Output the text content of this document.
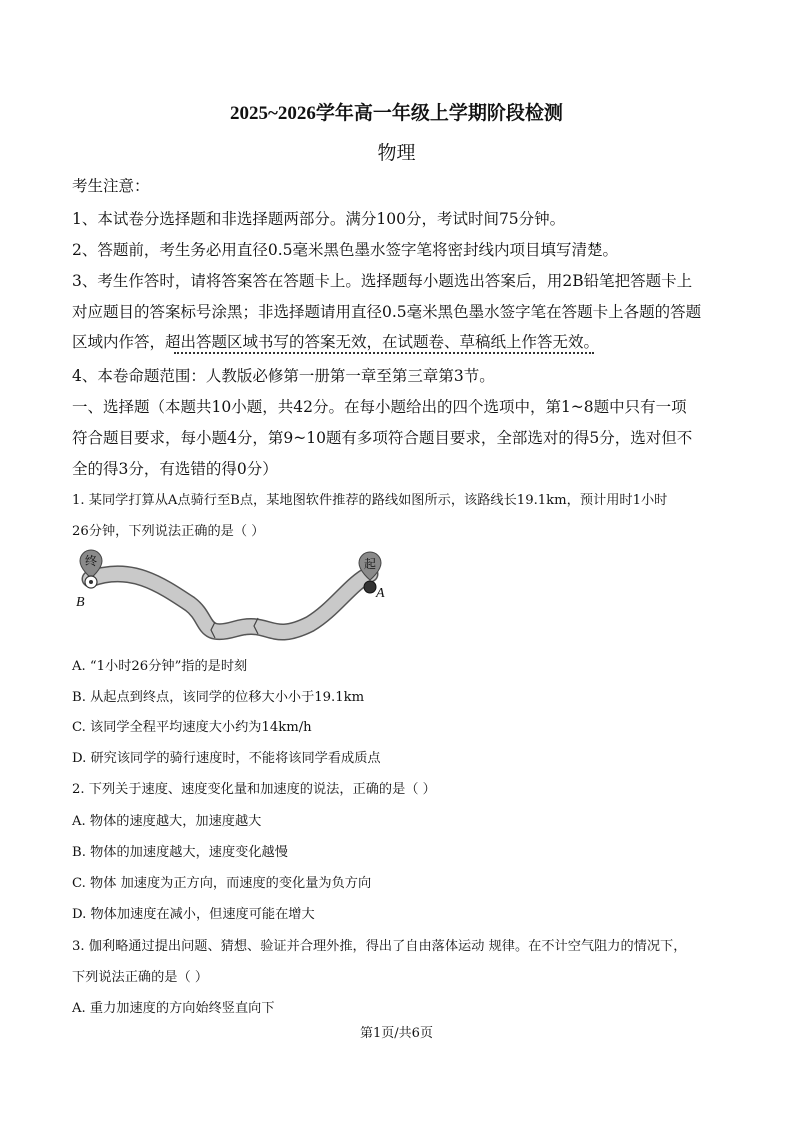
2025~2026学年高一年级上学期阶段检测
物理
考生注意：
1、本试卷分选择题和非选择题两部分。满分100分，考试时间75分钟。
2、答题前，考生务必用直径0.5毫米黑色墨水签字笔将密封线内项目填写清楚。
3、考生作答时，请将答案答在答题卡上。选择题每小题选出答案后，用2B铅笔把答题卡上
对应题目的答案标号涂黑；非选择题请用直径0.5毫米黑色墨水签字笔在答题卡上各题的答题
区域内作答，超出答题区域书写的答案无效，在试题卷、草稿纸上作答无效。
4、本卷命题范围：人教版必修第一册第一章至第三章第3节。
一、选择题（本题共10小题，共42分。在每小题给出的四个选项中，第1~8题中只有一项
符合题目要求，每小题4分，第9~10题有多项符合题目要求，全部选对的得5分，选对但不
全的得3分，有选错的得0分）
1. 某同学打算从A点骑行至B点，某地图软件推荐的路线如图所示，该路线长19.1km，预计用时1小时
26分钟，下列说法正确的是（ ）
终
B
起
A
A. “1小时26分钟”指的是时刻
B. 从起点到终点，该同学的位移大小小于19.1km
C. 该同学全程平均速度大小约为14km/h
D. 研究该同学的骑行速度时，不能将该同学看成质点
2. 下列关于速度、速度变化量和加速度的说法，正确的是（ ）
A. 物体的速度越大，加速度越大
B. 物体的加速度越大，速度变化越慢
C. 物体 加速度为正方向，而速度的变化量为负方向
D. 物体加速度在减小，但速度可能在增大
3. 伽利略通过提出问题、猜想、验证并合理外推，得出了自由落体运动 规律。在不计空气阻力的情况下，
下列说法正确的是（ ）
A. 重力加速度的方向始终竖直向下
第1页/共6页
